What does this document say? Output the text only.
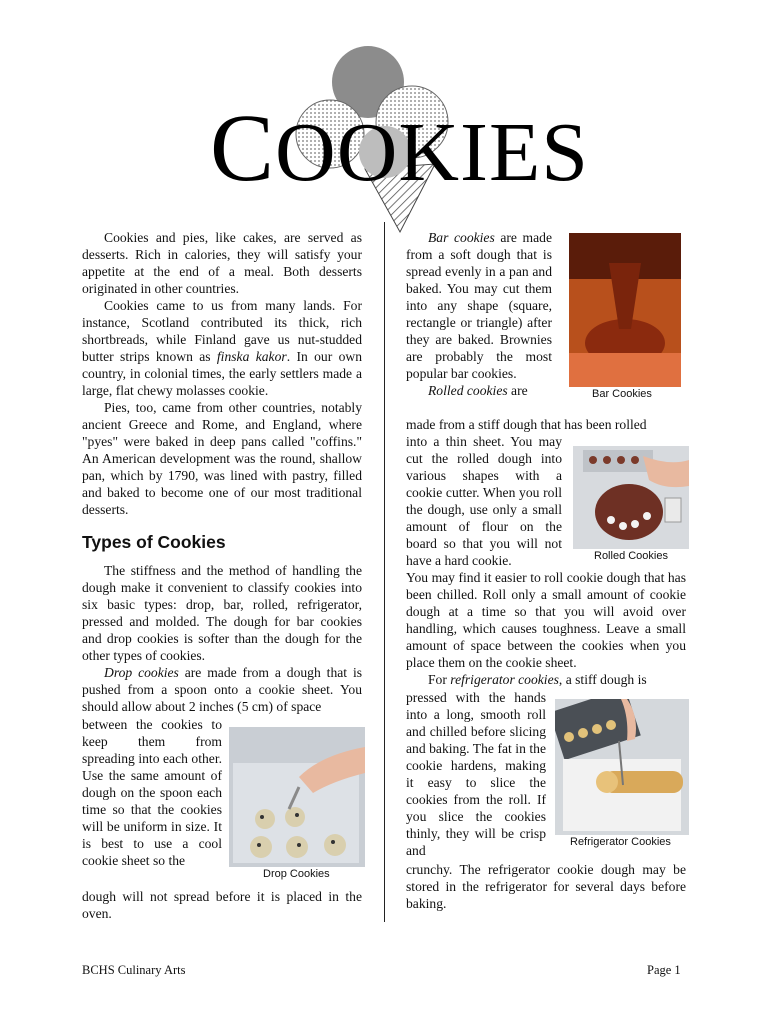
COOKIES

Cookies and pies, like cakes, are served as desserts. Rich in calories, they will satisfy your appetite at the end of a meal. Both desserts originated in other countries.

Cookies came to us from many lands. For instance, Scotland contributed its thick, rich shortbreads, while Finland gave us nut-studded butter strips known as finska kakor. In our own country, in colonial times, the early settlers made a large, flat chewy molasses cookie.

Pies, too, came from other countries, notably ancient Greece and Rome, and England, where "pyes" were baked in deep pans called "coffins." An American development was the round, shallow pan, which by 1790, was lined with pastry, filled and baked to become one of our most traditional desserts.

Types of Cookies

The stiffness and the method of handling the dough make it convenient to classify cookies into six basic types: drop, bar, rolled, refrigerator, pressed and molded. The dough for bar cookies and drop cookies is softer than the dough for the other types of cookies.

Drop cookies are made from a dough that is pushed from a spoon onto a cookie sheet. You should allow about 2 inches (5 cm) of space

between the cookies to keep them from spreading into each other. Use the same amount of dough on the spoon each time so that the cookies will be uniform in size. It is best to use a cool cookie sheet so the

dough will not spread before it is placed in the oven.

Drop Cookies

Bar cookies are made from a soft dough that is spread evenly in a pan and baked. You may cut them into any shape (square, rectangle or triangle) after they are baked. Brownies are probably the most popular bar cookies.

Rolled cookies are	Bar Cookies

made from a stiff dough that has been rolled

into a thin sheet. You may cut the rolled dough into various shapes with a cookie cutter. When you roll the dough, use only a small amount of flour on the board so that you will not have a hard cookie.	Rolled Cookies

You may find it easier to roll cookie dough that has been chilled. Roll only a small amount of cookie dough at a time so that you will avoid over handling, which causes toughness. Leave a small amount of space between the cookies when you place them on the cookie sheet.

For refrigerator cookies, a stiff dough is

pressed with the hands into a long, smooth roll and chilled before slicing and baking. The fat in the cookie hardens, making it easy to slice the cookies from the roll. If you slice the cookies thinly, they will be crisp and

Refrigerator Cookies

crunchy. The refrigerator cookie dough may be stored in the refrigerator for several days before baking.

BCHS Culinary Arts	Page 1
